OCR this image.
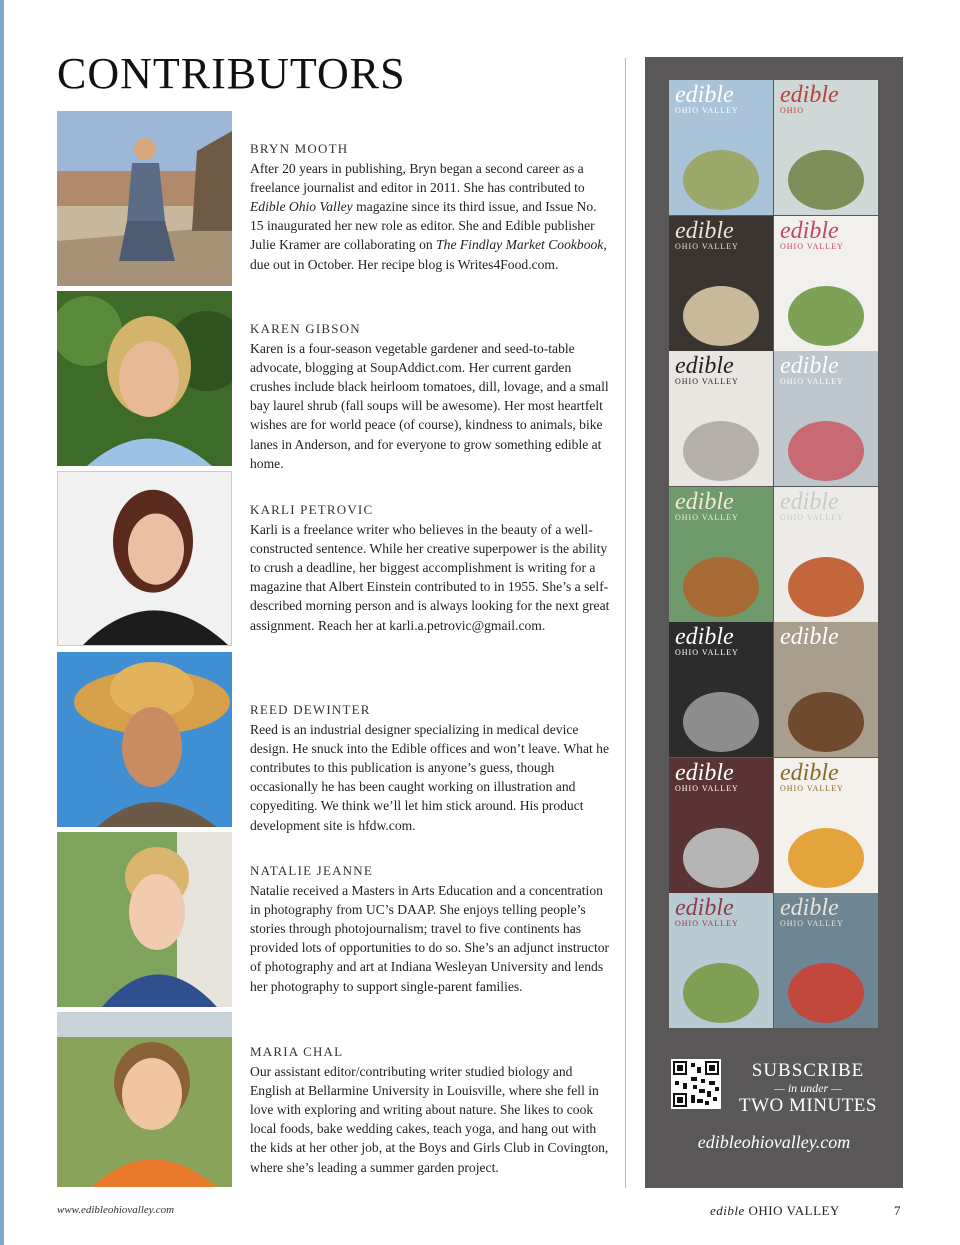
CONTRIBUTORS
BRYN MOOTH

After 20 years in publishing, Bryn began a second career as a freelance journalist and editor in 2011. She has contributed to Edible Ohio Valley magazine since its third issue, and Issue No. 15 inaugurated her new role as editor. She and Edible publisher Julie Kramer are collaborating on The Findlay Market Cookbook, due out in October. Her recipe blog is Writes4Food.com.

KAREN GIBSON

Karen is a four-season vegetable gardener and seed-to-table advocate, blogging at SoupAddict.com. Her current garden crushes include black heirloom tomatoes, dill, lovage, and a small bay laurel shrub (fall soups will be awesome). Her most heartfelt wishes are for world peace (of course), kindness to animals, bike lanes in Anderson, and for everyone to grow something edible at home.

KARLI PETROVIC

Karli is a freelance writer who believes in the beauty of a well-constructed sentence. While her creative superpower is the ability to crush a deadline, her biggest accomplishment is writing for a magazine that Albert Einstein contributed to in 1955. She’s a self-described morning person and is always looking for the next great assignment. Reach her at karli.a.petrovic@gmail.com.

REED DEWINTER

Reed is an industrial designer specializing in medical device design. He snuck into the Edible offices and won’t leave. What he contributes to this publication is anyone’s guess, though occasionally he has been caught working on illustration and copyediting. We think we’ll let him stick around. His product development site is hfdw.com.

NATALIE JEANNE

Natalie received a Masters in Arts Education and a concentration in photography from UC’s DAAP. She enjoys telling people’s stories through photojournalism; travel to five continents has provided lots of opportunities to do so. She’s an adjunct instructor of photography and art at Indiana Wesleyan University and lends her photography to support single-parent families.

MARIA CHAL

Our assistant editor/contributing writer studied biology and English at Bellarmine University in Louisville, where she fell in love with exploring and writing about nature. She likes to cook local foods, bake wedding cakes, teach yoga, and hang out with the kids at her other job, at the Boys and Girls Club in Covington, where she’s leading a summer garden project.

edible
OHIO VALLEY
edible
OHIO
edible
OHIO VALLEY
edible
OHIO VALLEY
edible
OHIO VALLEY
edible
OHIO VALLEY
edible
OHIO VALLEY
edible
OHIO VALLEY
edible
OHIO VALLEY
edible
edible
OHIO VALLEY
edible
OHIO VALLEY
edible
OHIO VALLEY
edible
OHIO VALLEY
SUBSCRIBE
— in under —
TWO MINUTES
edibleohiovalley.com
www.edibleohiovalley.com	edible OHIO VALLEY	7
